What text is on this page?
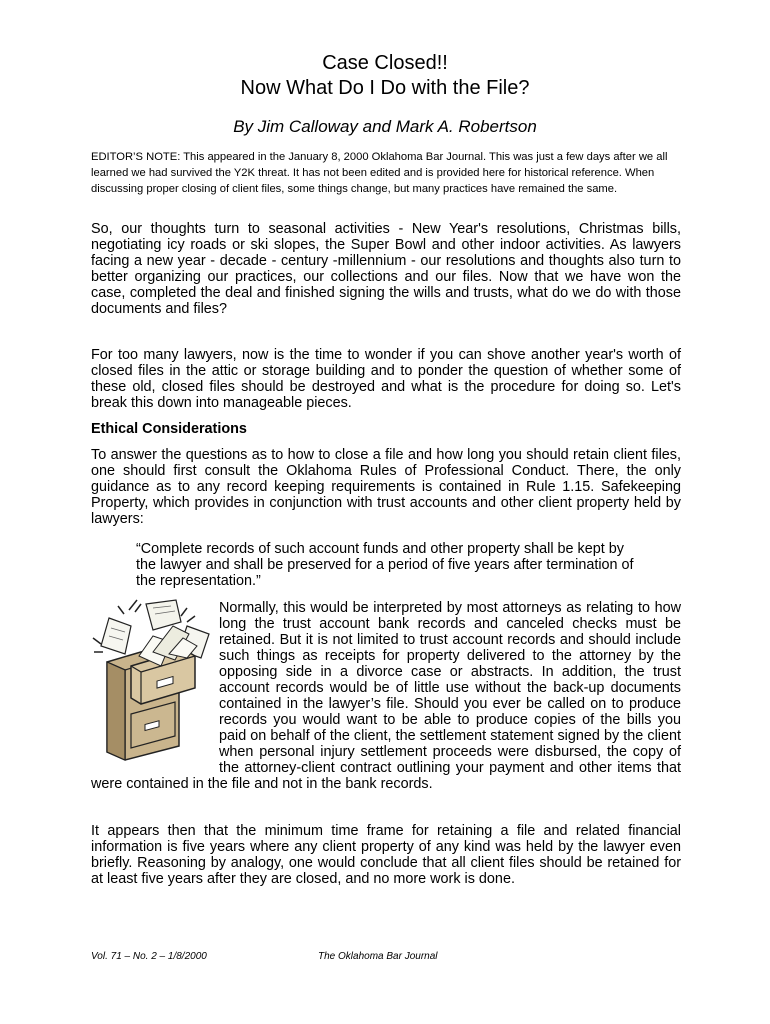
Case Closed!!
Now What Do I Do with the File?
By Jim Calloway and Mark A. Robertson
EDITOR’S NOTE: This appeared in the January 8, 2000 Oklahoma Bar Journal. This was just a few days after we all learned we had survived the Y2K threat. It has not been edited and is provided here for historical reference. When discussing proper closing of client files, some things change, but many practices have remained the same.
So, our thoughts turn to seasonal activities - New Year's resolutions, Christmas bills, negotiating icy roads or ski slopes, the Super Bowl and other indoor activities. As lawyers facing a new year - decade - century -millennium - our resolutions and thoughts also turn to better organizing our practices, our collections and our files. Now that we have won the case, completed the deal and finished signing the wills and trusts, what do we do with those documents and files?
For too many lawyers, now is the time to wonder if you can shove another year's worth of closed files in the attic or storage building and to ponder the question of whether some of these old, closed files should be destroyed and what is the procedure for doing so. Let's break this down into manageable pieces.
Ethical Considerations
To answer the questions as to how to close a file and how long you should retain client files, one should first consult the Oklahoma Rules of Professional Conduct. There, the only guidance as to any record keeping requirements is contained in Rule 1.15. Safekeeping Property, which provides in conjunction with trust accounts and other client property held by lawyers:
“Complete records of such account funds and other property shall be kept by the lawyer and shall be preserved for a period of five years after termination of the representation.”
Normally, this would be interpreted by most attorneys as relating to how long the trust account bank records and canceled checks must be retained. But it is not limited to trust account records and should include such things as receipts for property delivered to the attorney by the opposing side in a divorce case or abstracts. In addition, the trust account records would be of little use without the back-up documents contained in the lawyer’s file. Should you ever be called on to produce records you would want to be able to produce copies of the bills you paid on behalf of the client, the settlement statement signed by the client when personal injury settlement proceeds were disbursed, the copy of the attorney-client contract outlining your payment and other items that were contained in the file and not in the bank records.
It appears then that the minimum time frame for retaining a file and related financial information is five years where any client property of any kind was held by the lawyer even briefly. Reasoning by analogy, one would conclude that all client files should be retained for at least five years after they are closed, and no more work is done.
Vol. 71 – No. 2 – 1/8/2000	The Oklahoma Bar Journal
